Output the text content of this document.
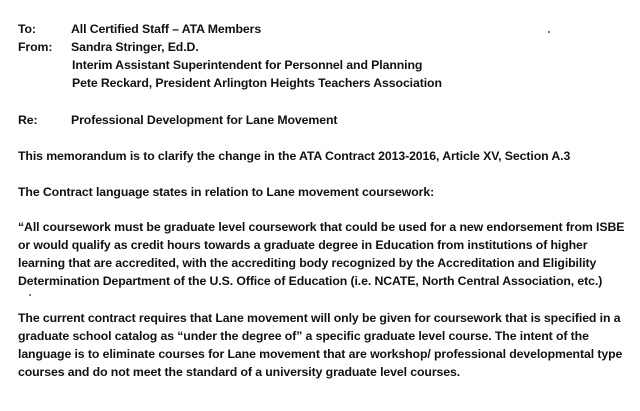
To:	All Certified Staff – ATA Members
From:	Sandra Stringer, Ed.D.
Interim Assistant Superintendent for Personnel and Planning
Pete Reckard, President Arlington Heights Teachers Association
Re:	Professional Development for Lane Movement

This memorandum is to clarify the change in the ATA Contract 2013-2016, Article XV, Section A.3

The Contract language states in relation to Lane movement coursework:

“All coursework must be graduate level coursework that could be used for a new endorsement from ISBE or would qualify as credit hours towards a graduate degree in Education from institutions of higher learning that are accredited, with the accrediting body recognized by the Accreditation and Eligibility Determination Department of the U.S. Office of Education (i.e. NCATE, North Central Association, etc.)

The current contract requires that Lane movement will only be given for coursework that is specified in a graduate school catalog as “under the degree of” a specific graduate level course. The intent of the language is to eliminate courses for Lane movement that are workshop/ professional developmental type courses and do not meet the standard of a university graduate level courses.
